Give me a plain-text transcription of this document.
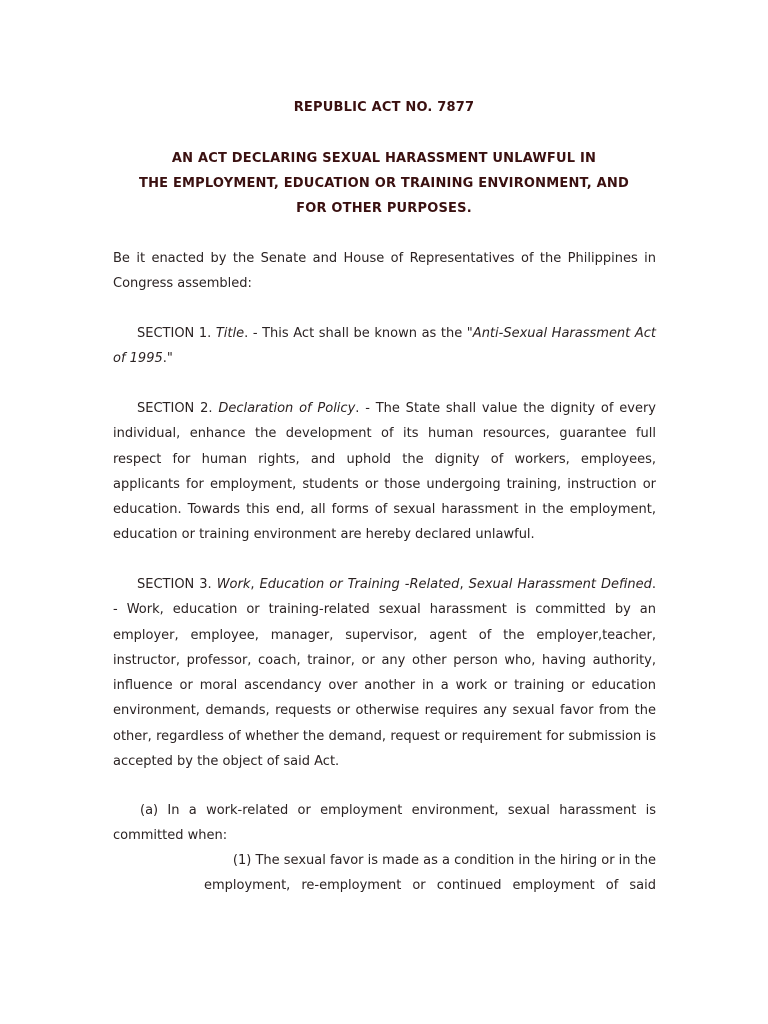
REPUBLIC ACT NO. 7877
AN ACT DECLARING SEXUAL HARASSMENT UNLAWFUL IN
THE EMPLOYMENT, EDUCATION OR TRAINING ENVIRONMENT, AND
FOR OTHER PURPOSES.
Be it enacted by the Senate and House of Representatives of the Philippines in Congress assembled:
SECTION 1. Title. - This Act shall be known as the "Anti-Sexual Harassment Act of 1995."
SECTION 2. Declaration of Policy. - The State shall value the dignity of every individual, enhance the development of its human resources, guarantee full respect for human rights, and uphold the dignity of workers, employees, applicants for employment, students or those undergoing training, instruction or education. Towards this end, all forms of sexual harassment in the employment, education or training environment are hereby declared unlawful.
SECTION 3. Work, Education or Training -Related, Sexual Harassment Defined. - Work, education or training-related sexual harassment is committed by an employer, employee, manager, supervisor, agent of the employer,teacher, instructor, professor, coach, trainor, or any other person who, having authority, influence or moral ascendancy over another in a work or training or education environment, demands, requests or otherwise requires any sexual favor from the other, regardless of whether the demand, request or requirement for submission is accepted by the object of said Act.
(a) In a work-related or employment environment, sexual harassment is committed when:
(1) The sexual favor is made as a condition in the hiring or in the
employment, re-employment or continued employment of said
